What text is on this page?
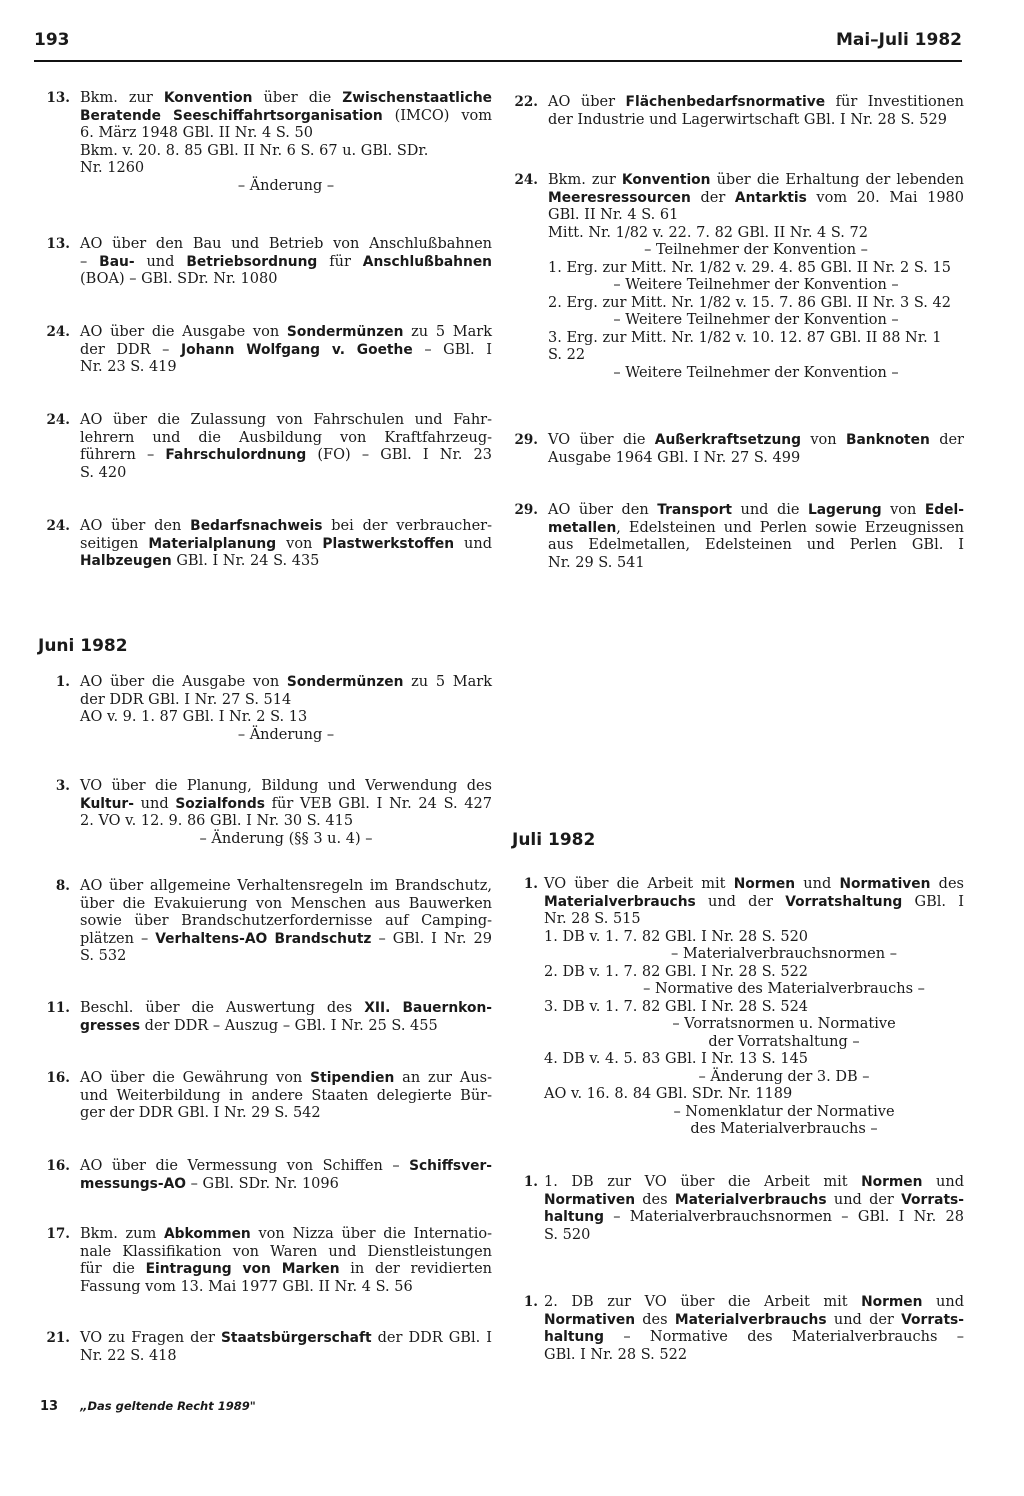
193	Mai–Juli 1982
13. Bkm. zur Konvention über die Zwischenstaatliche
Beratende Seeschiffahrtsorganisation (IMCO) vom
6. März 1948 GBl. II Nr. 4 S. 50
Bkm. v. 20. 8. 85 GBl. II Nr. 6 S. 67 u. GBl. SDr.
Nr. 1260
– Änderung –
13. AO über den Bau und Betrieb von Anschlußbahnen
– Bau- und Betriebsordnung für Anschlußbahnen
(BOA) – GBl. SDr. Nr. 1080
24. AO über die Ausgabe von Sondermünzen zu 5 Mark
der DDR – Johann Wolfgang v. Goethe – GBl. I
Nr. 23 S. 419
24. AO über die Zulassung von Fahrschulen und Fahr-
lehrern und die Ausbildung von Kraftfahrzeug-
führern – Fahrschulordnung (FO) – GBl. I Nr. 23
S. 420
24. AO über den Bedarfsnachweis bei der verbraucher-
seitigen Materialplanung von Plastwerkstoffen und
Halbzeugen GBl. I Nr. 24 S. 435
Juni 1982
1. AO über die Ausgabe von Sondermünzen zu 5 Mark
der DDR GBl. I Nr. 27 S. 514
AO v. 9. 1. 87 GBl. I Nr. 2 S. 13
– Änderung –
3. VO über die Planung, Bildung und Verwendung des
Kultur- und Sozialfonds für VEB GBl. I Nr. 24 S. 427
2. VO v. 12. 9. 86 GBl. I Nr. 30 S. 415
– Änderung (§§ 3 u. 4) –
8. AO über allgemeine Verhaltensregeln im Brandschutz,
über die Evakuierung von Menschen aus Bauwerken
sowie über Brandschutzerfordernisse auf Camping-
plätzen – Verhaltens-AO Brandschutz – GBl. I Nr. 29
S. 532
11. Beschl. über die Auswertung des XII. Bauernkon-
gresses der DDR – Auszug – GBl. I Nr. 25 S. 455
16. AO über die Gewährung von Stipendien an zur Aus-
und Weiterbildung in andere Staaten delegierte Bür-
ger der DDR GBl. I Nr. 29 S. 542
16. AO über die Vermessung von Schiffen – Schiffsver-
messungs-AO – GBl. SDr. Nr. 1096
17. Bkm. zum Abkommen von Nizza über die Internatio-
nale Klassifikation von Waren und Dienstleistungen
für die Eintragung von Marken in der revidierten
Fassung vom 13. Mai 1977 GBl. II Nr. 4 S. 56
21. VO zu Fragen der Staatsbürgerschaft der DDR GBl. I
Nr. 22 S. 418
22. AO über Flächenbedarfsnormative für Investitionen
der Industrie und Lagerwirtschaft GBl. I Nr. 28 S. 529
24. Bkm. zur Konvention über die Erhaltung der lebenden
Meeresressourcen der Antarktis vom 20. Mai 1980
GBl. II Nr. 4 S. 61
Mitt. Nr. 1/82 v. 22. 7. 82 GBl. II Nr. 4 S. 72
– Teilnehmer der Konvention –
1. Erg. zur Mitt. Nr. 1/82 v. 29. 4. 85 GBl. II Nr. 2 S. 15
– Weitere Teilnehmer der Konvention –
2. Erg. zur Mitt. Nr. 1/82 v. 15. 7. 86 GBl. II Nr. 3 S. 42
– Weitere Teilnehmer der Konvention –
3. Erg. zur Mitt. Nr. 1/82 v. 10. 12. 87 GBl. II 88 Nr. 1
S. 22
– Weitere Teilnehmer der Konvention –
29. VO über die Außerkraftsetzung von Banknoten der
Ausgabe 1964 GBl. I Nr. 27 S. 499
29. AO über den Transport und die Lagerung von Edel-
metallen, Edelsteinen und Perlen sowie Erzeugnissen
aus Edelmetallen, Edelsteinen und Perlen GBl. I
Nr. 29 S. 541
Juli 1982
1. VO über die Arbeit mit Normen und Normativen des
Materialverbrauchs und der Vorratshaltung GBl. I
Nr. 28 S. 515
1. DB v. 1. 7. 82 GBl. I Nr. 28 S. 520
– Materialverbrauchsnormen –
2. DB v. 1. 7. 82 GBl. I Nr. 28 S. 522
– Normative des Materialverbrauchs –
3. DB v. 1. 7. 82 GBl. I Nr. 28 S. 524
– Vorratsnormen u. Normative
der Vorratshaltung –
4. DB v. 4. 5. 83 GBl. I Nr. 13 S. 145
– Änderung der 3. DB –
AO v. 16. 8. 84 GBl. SDr. Nr. 1189
– Nomenklatur der Normative
des Materialverbrauchs –
1. 1. DB zur VO über die Arbeit mit Normen und
Normativen des Materialverbrauchs und der Vorrats-
haltung – Materialverbrauchsnormen – GBl. I Nr. 28
S. 520
1. 2. DB zur VO über die Arbeit mit Normen und
Normativen des Materialverbrauchs und der Vorrats-
haltung – Normative des Materialverbrauchs –
GBl. I Nr. 28 S. 522
13 „Das geltende Recht 1989"
